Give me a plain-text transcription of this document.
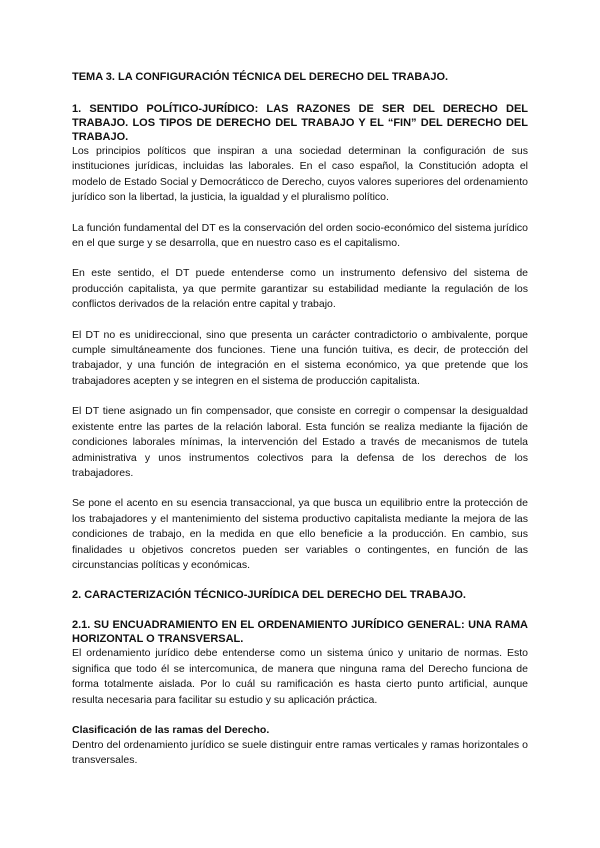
TEMA 3. LA CONFIGURACIÓN TÉCNICA DEL DERECHO DEL TRABAJO.
1. SENTIDO POLÍTICO-JURÍDICO: LAS RAZONES DE SER DEL DERECHO DEL TRABAJO. LOS TIPOS DE DERECHO DEL TRABAJO Y EL “FIN” DEL DERECHO DEL TRABAJO.

Los principios políticos que inspiran a una sociedad determinan la configuración de sus instituciones jurídicas, incluidas las laborales. En el caso español, la Constitución adopta el modelo de Estado Social y Democráticco de Derecho, cuyos valores superiores del ordenamiento jurídico son la libertad, la justicia, la igualdad y el pluralismo político.

La función fundamental del DT es la conservación del orden socio-económico del sistema jurídico en el que surge y se desarrolla, que en nuestro caso es el capitalismo.

En este sentido, el DT puede entenderse como un instrumento defensivo del sistema de producción capitalista, ya que permite garantizar su estabilidad mediante la regulación de los conflictos derivados de la relación entre capital y trabajo.

El DT no es unidireccional, sino que presenta un carácter contradictorio o ambivalente, porque cumple simultáneamente dos funciones. Tiene una función tuitiva, es decir, de protección del trabajador, y una función de integración en el sistema económico, ya que pretende que los trabajadores acepten y se integren en el sistema de producción capitalista.

El DT tiene asignado un fin compensador, que consiste en corregir o compensar la desigualdad existente entre las partes de la relación laboral. Esta función se realiza mediante la fijación de condiciones laborales mínimas, la intervención del Estado a través de mecanismos de tutela administrativa y unos instrumentos colectivos para la defensa de los derechos de los trabajadores.

Se pone el acento en su esencia transaccional, ya que busca un equilibrio entre la protección de los trabajadores y el mantenimiento del sistema productivo capitalista mediante la mejora de las condiciones de trabajo, en la medida en que ello beneficie a la producción. En cambio, sus finalidades u objetivos concretos pueden ser variables o contingentes, en función de las circunstancias políticas y económicas.

2. CARACTERIZACIÓN TÉCNICO-JURÍDICA DEL DERECHO DEL TRABAJO.
2.1. SU ENCUADRAMIENTO EN EL ORDENAMIENTO JURÍDICO GENERAL: UNA RAMA HORIZONTAL O TRANSVERSAL.

El ordenamiento jurídico debe entenderse como un sistema único y unitario de normas. Esto significa que todo él se intercomunica, de manera que ninguna rama del Derecho funciona de forma totalmente aislada. Por lo cuál su ramificación es hasta cierto punto artificial, aunque resulta necesaria para facilitar su estudio y su aplicación práctica.

Clasificación de las ramas del Derecho.

Dentro del ordenamiento jurídico se suele distinguir entre ramas verticales y ramas horizontales o transversales.
